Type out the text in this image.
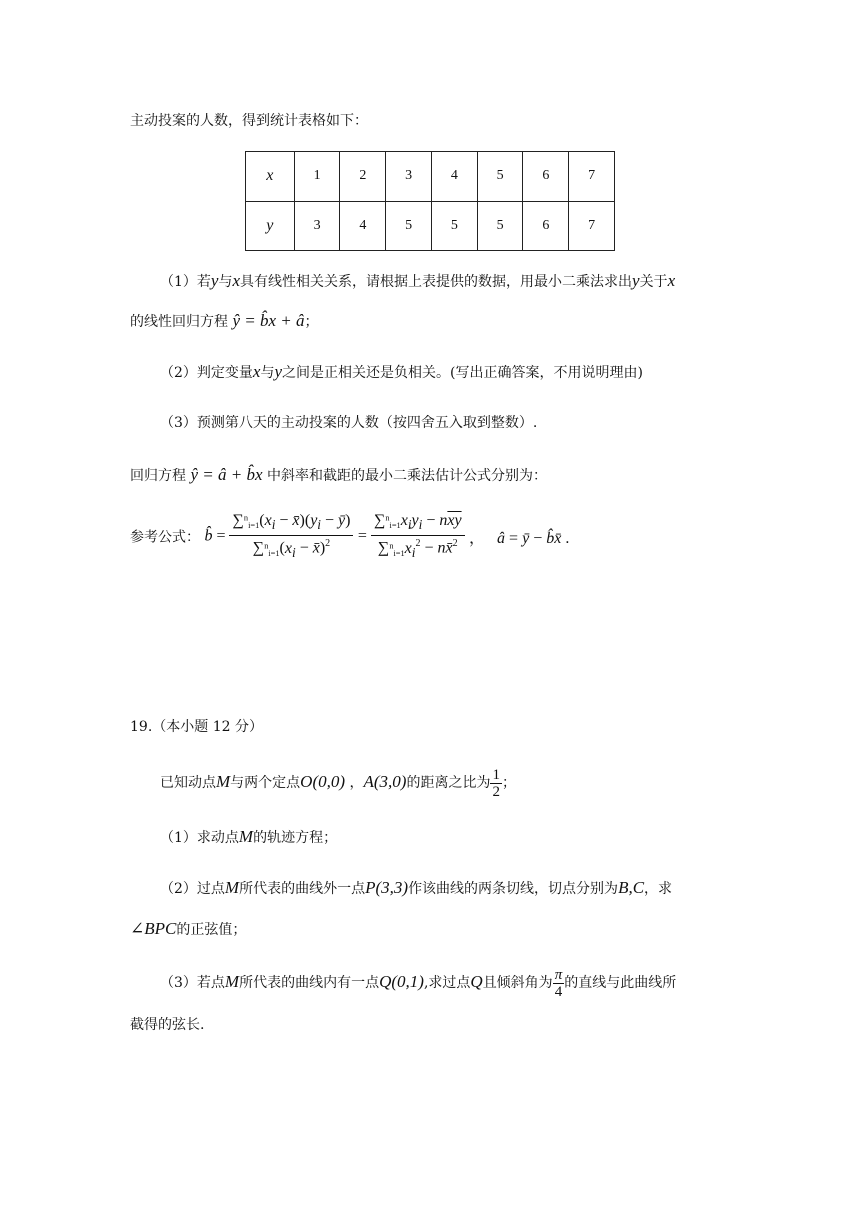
主动投案的人数，得到统计表格如下：
x	1	2	3	4	5	6	7
y	3	4	5	5	5	6	7
（1）若y与x具有线性相关关系，请根据上表提供的数据，用最小二乘法求出y关于x
的线性回归方程 ŷ = b̂x + â；
（2）判定变量x与y之间是正相关还是负相关。(写出正确答案，不用说明理由)
（3）预测第八天的主动投案的人数（按四舍五入取到整数）.
回归方程 ŷ = â + b̂x 中斜率和截距的最小二乘法估计公式分别为：
参考公式： b̂ = $\frac{\sum^n_{i=1}(x_i - x̄)(y_i - ȳ)}{\sum^n_{i=1}(x_i - x̄)^2} = \frac{\sum^n_{i=1}x_iy_i - n\overline{xy}}{\sum^n_{i=1}x_i^2 - nx̄^2}$ ，   â = ȳ − b̂x̄ .
19.（本小题 12 分）
已知动点M与两个定点O(0,0) ，A(3,0)的距离之比为 $\frac{1}{2}$ ；
（1）求动点M的轨迹方程；
（2）过点M所代表的曲线外一点P(3,3)作该曲线的两条切线，切点分别为B,C，求
∠BPC的正弦值；
（3）若点M所代表的曲线内有一点Q(0,1),求过点Q且倾斜角为 $\frac{\pi}{4}$ 的直线与此曲线所
截得的弦长.
